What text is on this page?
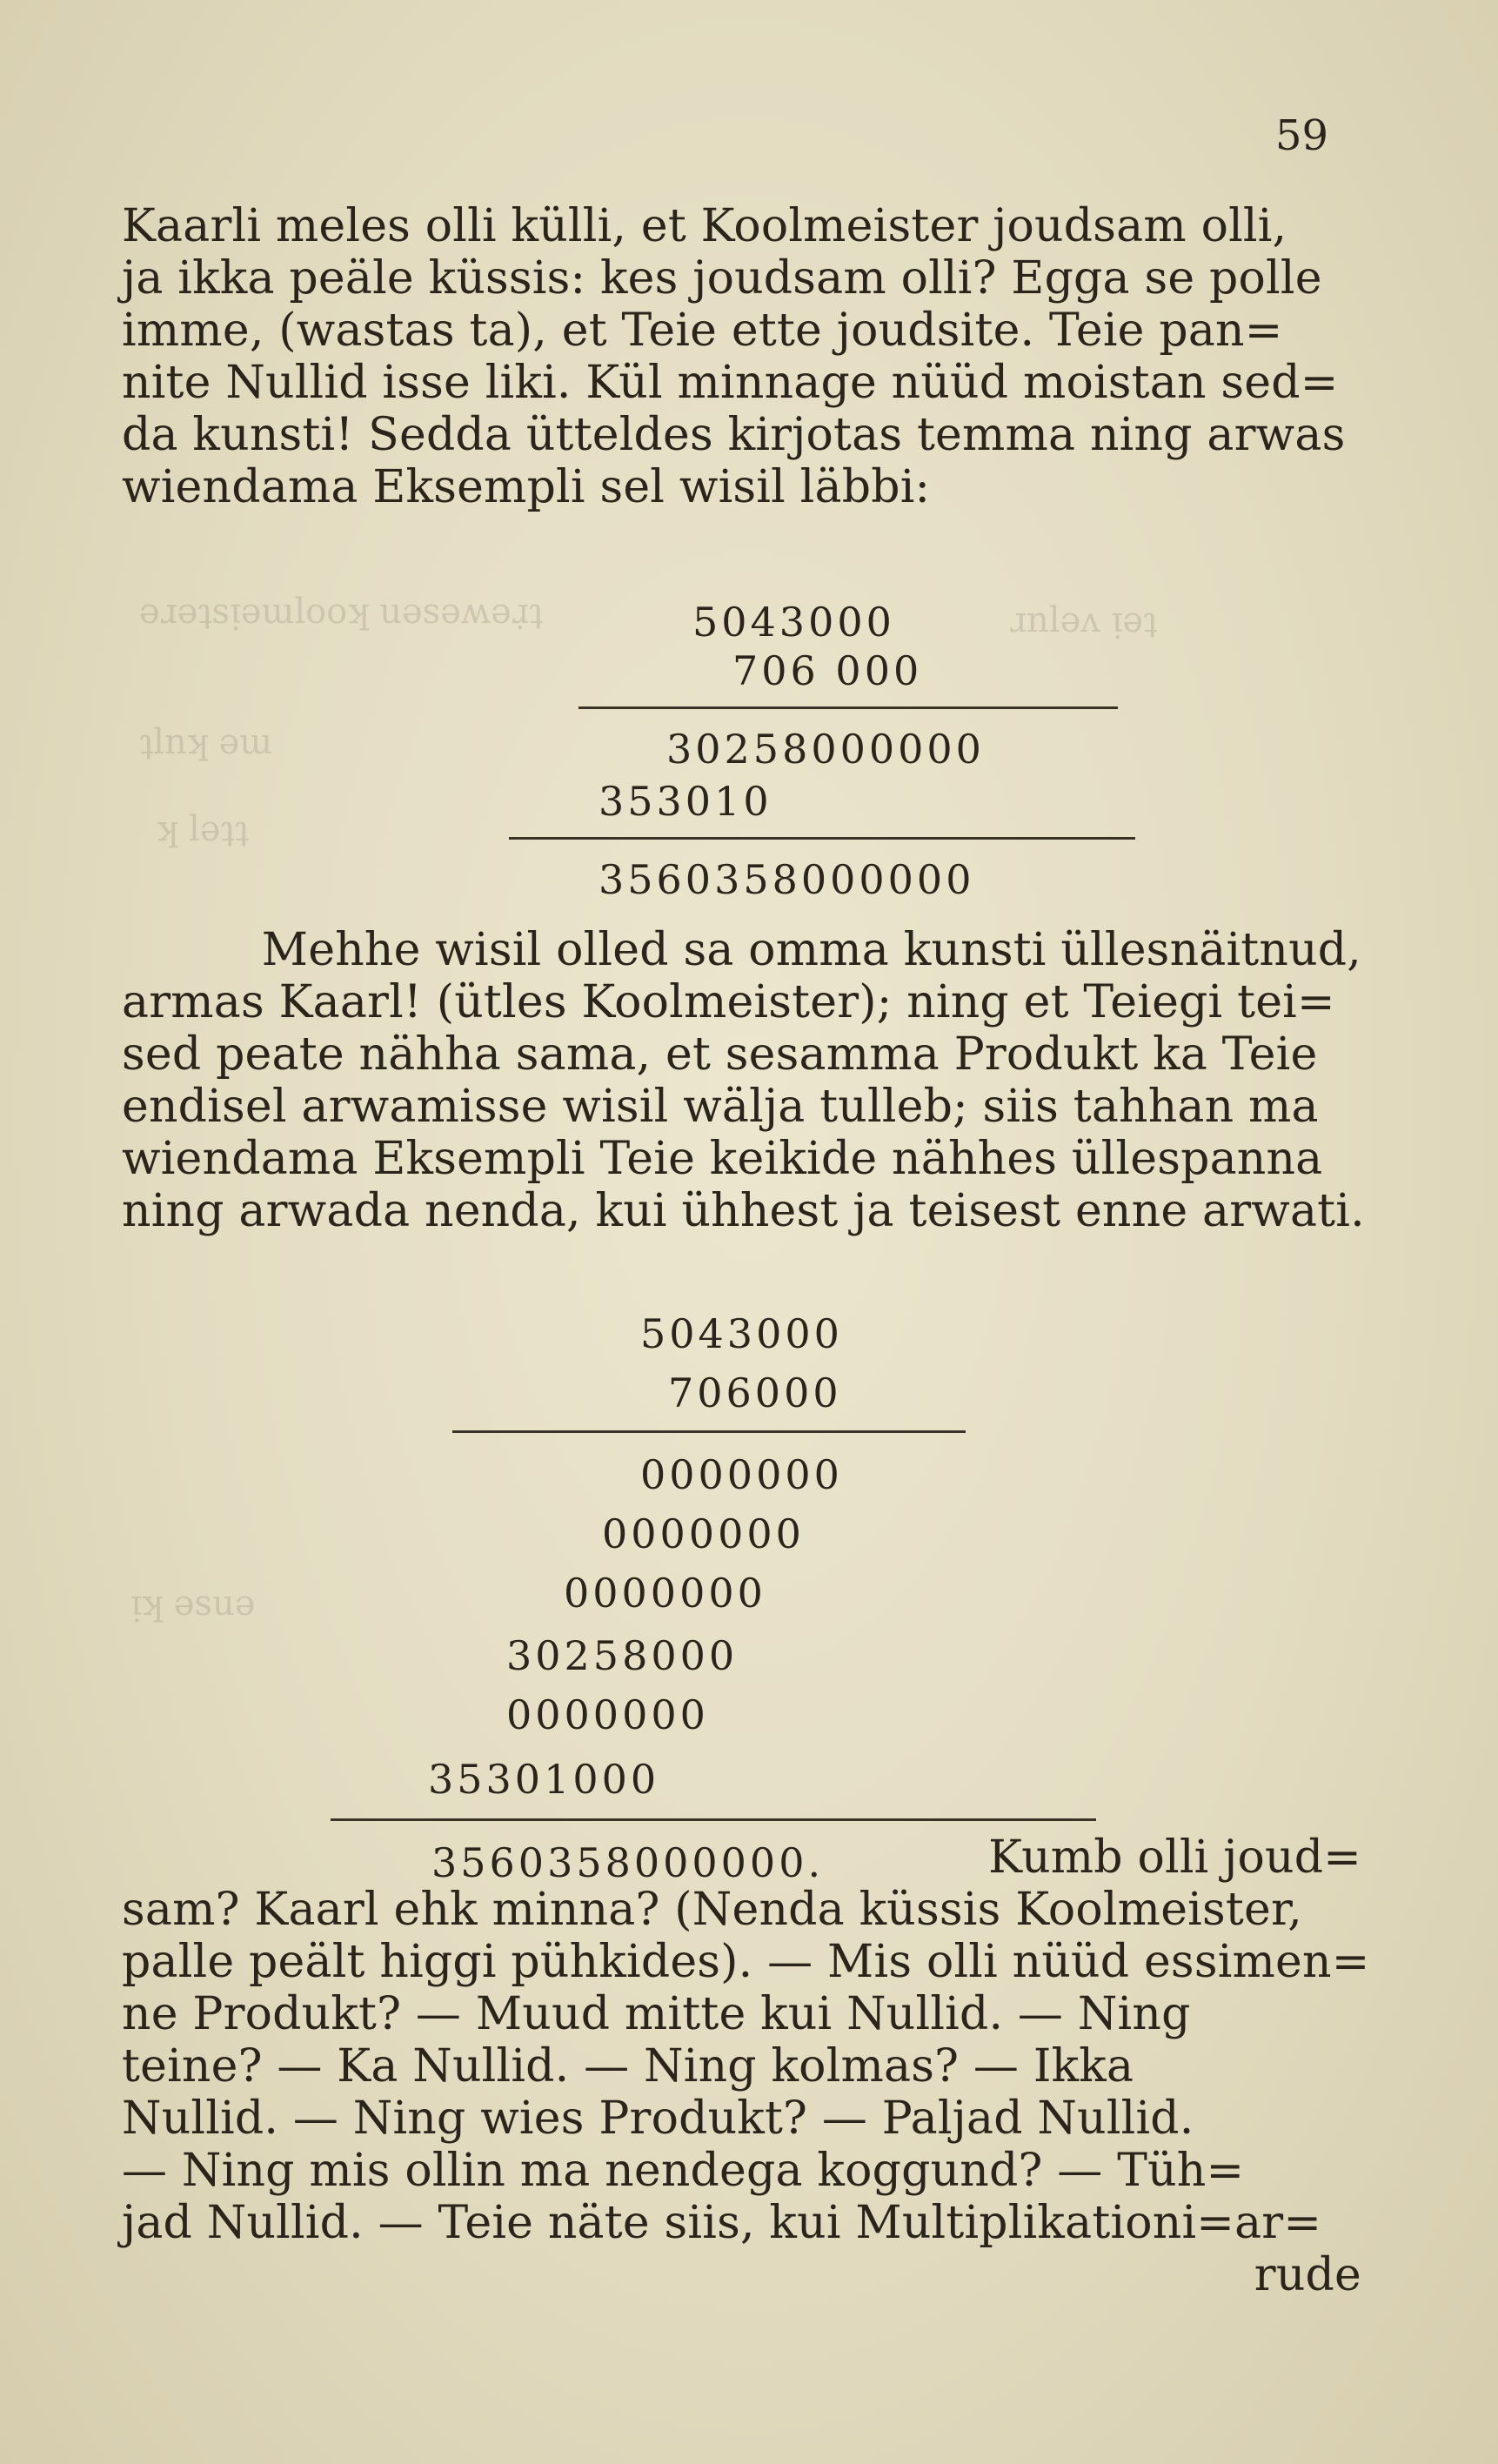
ǝɹǝʇsᴉǝɯlooʞ uǝsǝʍǝɹ̣ʇ	ɹnlǝʌ ᴉǝʇ
ʇlnʞ ǝɯ
ʞ lǝʇʇ
ᴉʞ ǝsuǝ
59

Kaarli meles olli külli, et Koolmeister joudsam olli,
ja ikka peäle küssis: kes joudsam olli? Egga se polle
imme, (wastas ta), et Teie ette joudsite. Teie pan=
nite Nullid isse liki. Kül minnage nüüd moistan sed=
da kunsti! Sedda ütteldes kirjotas temma ning arwas
wiendama Eksempli sel wisil läbbi:

5043000
706 000
30258000000
353010
3560358000000

Mehhe wisil olled sa omma kunsti üllesnäitnud,
armas Kaarl! (ütles Koolmeister); ning et Teiegi tei=
sed peate nähha sama, et sesamma Produkt ka Teie
endisel arwamisse wisil wälja tulleb; siis tahhan ma
wiendama Eksempli Teie keikide nähhes üllespanna
ning arwada nenda, kui ühhest ja teisest enne arwati.

5043000
706000
0000000
0000000
0000000
30258000
0000000
35301000
3560358000000.	Kumb olli joud=
sam? Kaarl ehk minna? (Nenda küssis Koolmeister,
palle peält higgi pühkides). — Mis olli nüüd essimen=
ne Produkt? — Muud mitte kui Nullid. — Ning
teine? — Ka Nullid. — Ning kolmas? — Ikka
Nullid. — Ning wies Produkt? — Paljad Nullid.
— Ning mis ollin ma nendega koggund? — Tüh=
jad Nullid. — Teie näte siis, kui Multiplikationi=ar=
rude
